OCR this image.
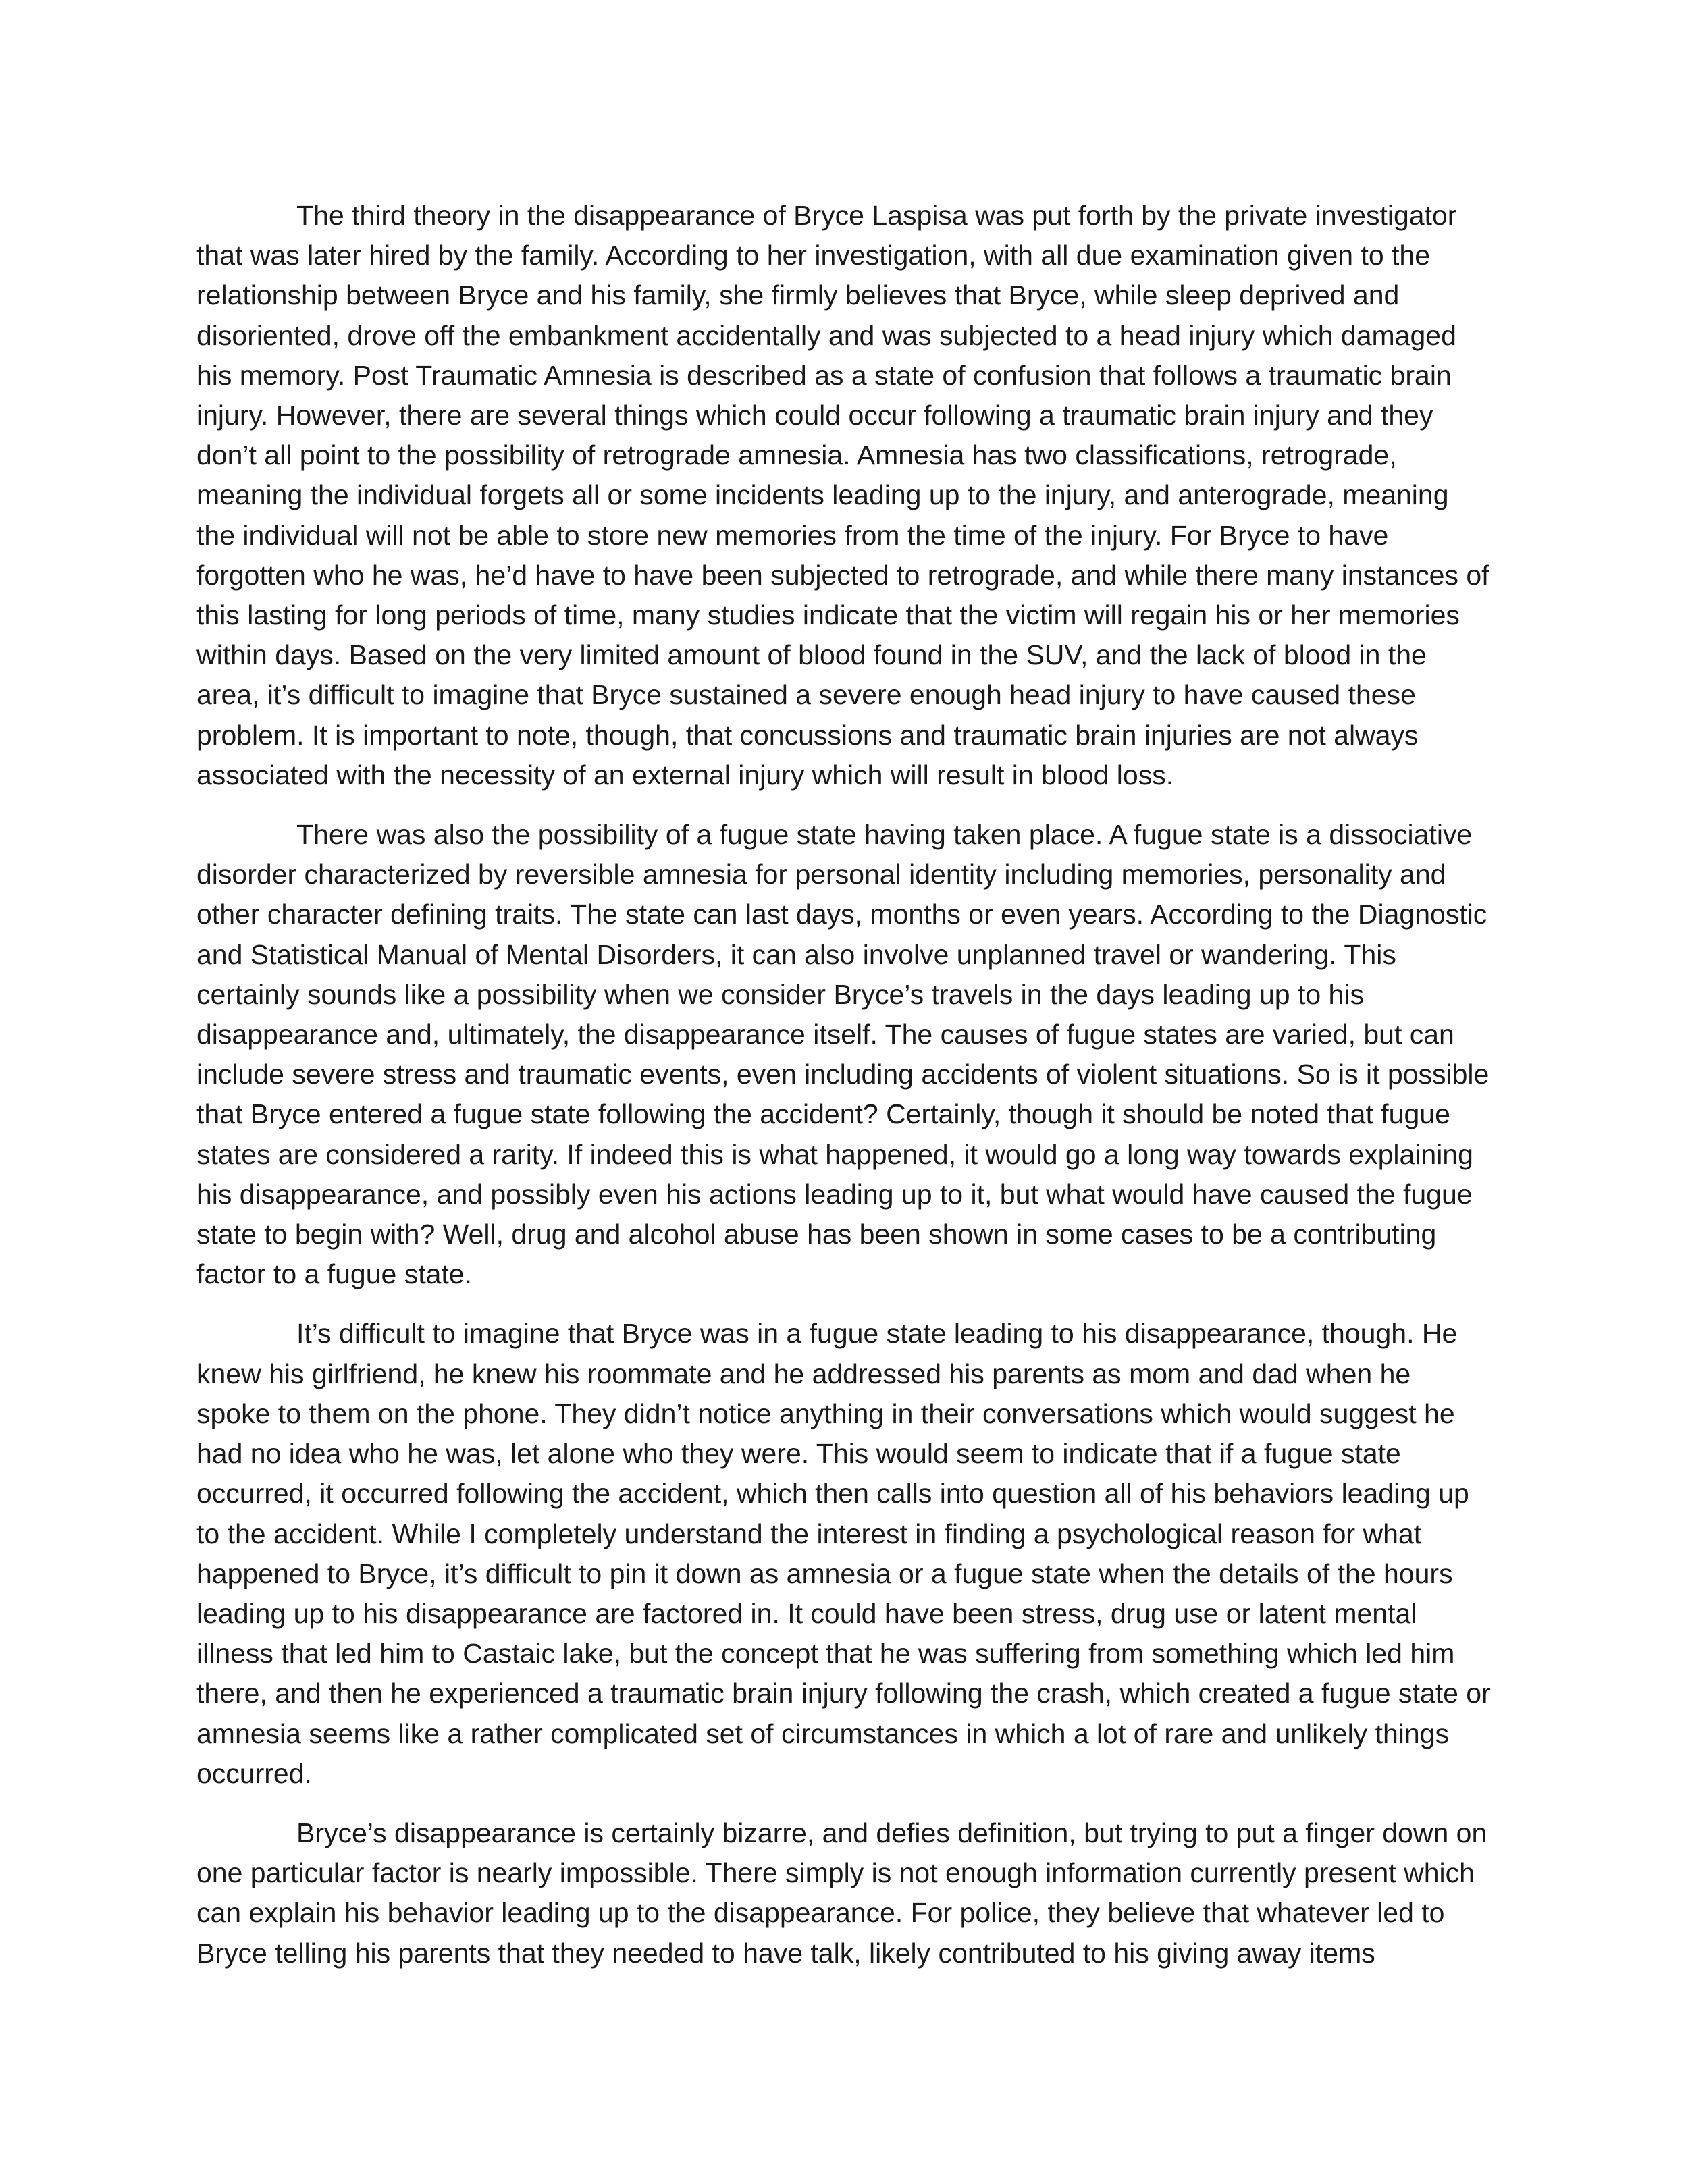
The third theory in the disappearance of Bryce Laspisa was put forth by the private investigator that was later hired by the family. According to her investigation, with all due examination given to the relationship between Bryce and his family, she firmly believes that Bryce, while sleep deprived and disoriented, drove off the embankment accidentally and was subjected to a head injury which damaged his memory. Post Traumatic Amnesia is described as a state of confusion that follows a traumatic brain injury. However, there are several things which could occur following a traumatic brain injury and they don’t all point to the possibility of retrograde amnesia. Amnesia has two classifications, retrograde, meaning the individual forgets all or some incidents leading up to the injury, and anterograde, meaning the individual will not be able to store new memories from the time of the injury. For Bryce to have forgotten who he was, he’d have to have been subjected to retrograde, and while there many instances of this lasting for long periods of time, many studies indicate that the victim will regain his or her memories within days. Based on the very limited amount of blood found in the SUV, and the lack of blood in the area, it’s difficult to imagine that Bryce sustained a severe enough head injury to have caused these problem. It is important to note, though, that concussions and traumatic brain injuries are not always associated with the necessity of an external injury which will result in blood loss.

There was also the possibility of a fugue state having taken place. A fugue state is a dissociative disorder characterized by reversible amnesia for personal identity including memories, personality and other character defining traits. The state can last days, months or even years. According to the Diagnostic and Statistical Manual of Mental Disorders, it can also involve unplanned travel or wandering. This certainly sounds like a possibility when we consider Bryce’s travels in the days leading up to his disappearance and, ultimately, the disappearance itself. The causes of fugue states are varied, but can include severe stress and traumatic events, even including accidents of violent situations. So is it possible that Bryce entered a fugue state following the accident? Certainly, though it should be noted that fugue states are considered a rarity. If indeed this is what happened, it would go a long way towards explaining his disappearance, and possibly even his actions leading up to it, but what would have caused the fugue state to begin with? Well, drug and alcohol abuse has been shown in some cases to be a contributing factor to a fugue state.

It’s difficult to imagine that Bryce was in a fugue state leading to his disappearance, though. He knew his girlfriend, he knew his roommate and he addressed his parents as mom and dad when he spoke to them on the phone. They didn’t notice anything in their conversations which would suggest he had no idea who he was, let alone who they were. This would seem to indicate that if a fugue state occurred, it occurred following the accident, which then calls into question all of his behaviors leading up to the accident. While I completely understand the interest in finding a psychological reason for what happened to Bryce, it’s difficult to pin it down as amnesia or a fugue state when the details of the hours leading up to his disappearance are factored in. It could have been stress, drug use or latent mental illness that led him to Castaic lake, but the concept that he was suffering from something which led him there, and then he experienced a traumatic brain injury following the crash, which created a fugue state or amnesia seems like a rather complicated set of circumstances in which a lot of rare and unlikely things occurred.

Bryce’s disappearance is certainly bizarre, and defies definition, but trying to put a finger down on one particular factor is nearly impossible. There simply is not enough information currently present which can explain his behavior leading up to the disappearance. For police, they believe that whatever led to Bryce telling his parents that they needed to have talk, likely contributed to his giving away items
